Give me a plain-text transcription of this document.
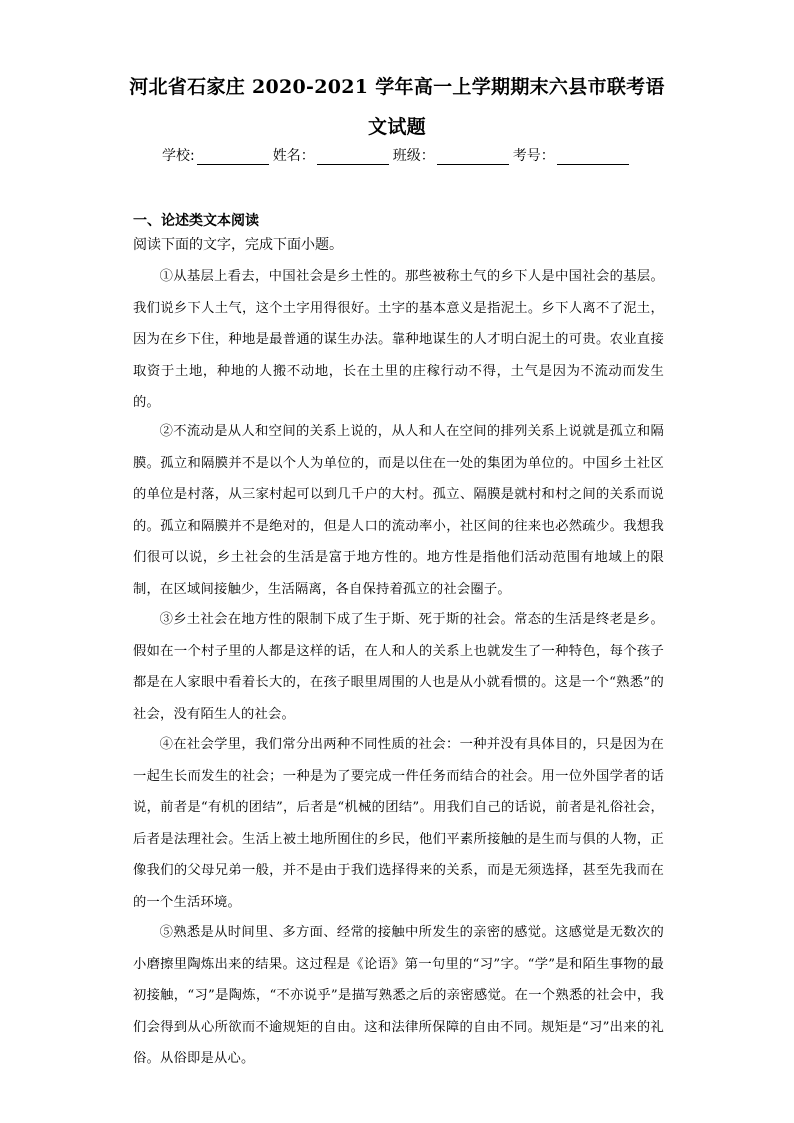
河北省石家庄 2020-2021 学年高一上学期期末六县市联考语
文试题
学校:	姓名：	班级：	考号：
一、论述类文本阅读
阅读下面的文字，完成下面小题。

①从基层上看去，中国社会是乡土性的。那些被称土气的乡下人是中国社会的基层。我们说乡下人土气，这个土字用得很好。土字的基本意义是指泥土。乡下人离不了泥土，因为在乡下住，种地是最普通的谋生办法。靠种地谋生的人才明白泥土的可贵。农业直接取资于土地，种地的人搬不动地，长在土里的庄稼行动不得，土气是因为不流动而发生的。

②不流动是从人和空间的关系上说的，从人和人在空间的排列关系上说就是孤立和隔膜。孤立和隔膜并不是以个人为单位的，而是以住在一处的集团为单位的。中国乡土社区的单位是村落，从三家村起可以到几千户的大村。孤立、隔膜是就村和村之间的关系而说的。孤立和隔膜并不是绝对的，但是人口的流动率小，社区间的往来也必然疏少。我想我们很可以说，乡土社会的生活是富于地方性的。地方性是指他们活动范围有地域上的限制，在区域间接触少，生活隔离，各自保持着孤立的社会圈子。

③乡土社会在地方性的限制下成了生于斯、死于斯的社会。常态的生活是终老是乡。假如在一个村子里的人都是这样的话，在人和人的关系上也就发生了一种特色，每个孩子都是在人家眼中看着长大的，在孩子眼里周围的人也是从小就看惯的。这是一个“熟悉”的社会，没有陌生人的社会。

④在社会学里，我们常分出两种不同性质的社会：一种并没有具体目的，只是因为在一起生长而发生的社会；一种是为了要完成一件任务而结合的社会。用一位外国学者的话说，前者是“有机的团结”，后者是“机械的团结”。用我们自己的话说，前者是礼俗社会，后者是法理社会。生活上被土地所囿住的乡民，他们平素所接触的是生而与俱的人物，正像我们的父母兄弟一般，并不是由于我们选择得来的关系，而是无须选择，甚至先我而在的一个生活环境。

⑤熟悉是从时间里、多方面、经常的接触中所发生的亲密的感觉。这感觉是无数次的小磨擦里陶炼出来的结果。这过程是《论语》第一句里的“习”字。“学”是和陌生事物的最初接触，“习”是陶炼，“不亦说乎”是描写熟悉之后的亲密感觉。在一个熟悉的社会中，我们会得到从心所欲而不逾规矩的自由。这和法律所保障的自由不同。规矩是“习”出来的礼俗。从俗即是从心。
